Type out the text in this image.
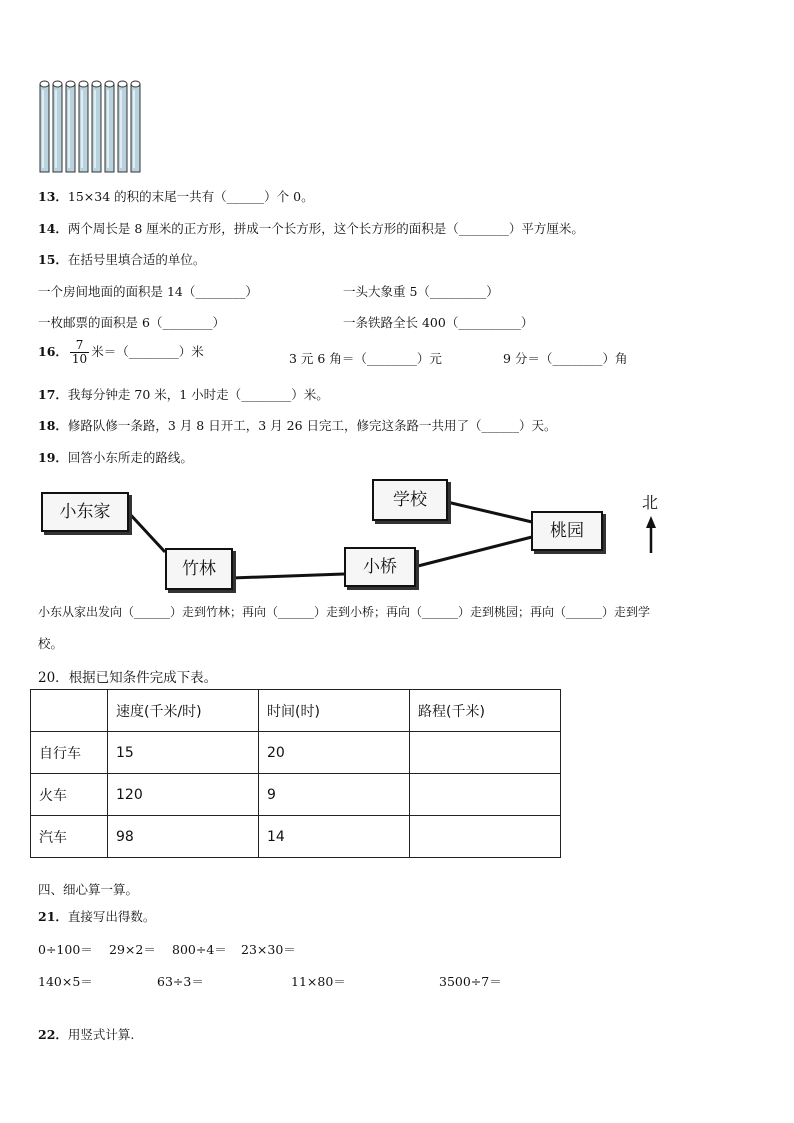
13．15×34 的积的末尾一共有（______）个 0。
14．两个周长是 8 厘米的正方形，拼成一个长方形，这个长方形的面积是（________）平方厘米。
15．在括号里填合适的单位。
一个房间地面的面积是 14（________）	一头大象重 5（_________）
一枚邮票的面积是 6（________）	一条铁路全长 400（__________）
16． $\frac{7}{10}$ 米＝（________）米	3 元 6 角＝（________）元	9 分＝（________）角
17．我每分钟走 70 米，1 小时走（________）米。
18．修路队修一条路，3 月 8 日开工，3 月 26 日完工，修完这条路一共用了（______）天。
19．回答小东所走的路线。
小东家
竹林	小桥
学校
桃园
北
小东从家出发向（______）走到竹林；再向（______）走到小桥；再向（______）走到桃园；再向（______）走到学
校。
20．根据已知条件完成下表。
	速度(千米/时)	时间(时)	路程(千米)
自行车	15	20	
火车	120	9	
汽车	98	14	
四、细心算一算。
21．直接写出得数。
0÷100＝ 29×2＝ 800÷4＝ 23×30＝
140×5＝	63÷3＝	11×80＝	3500÷7＝
22．用竖式计算.
